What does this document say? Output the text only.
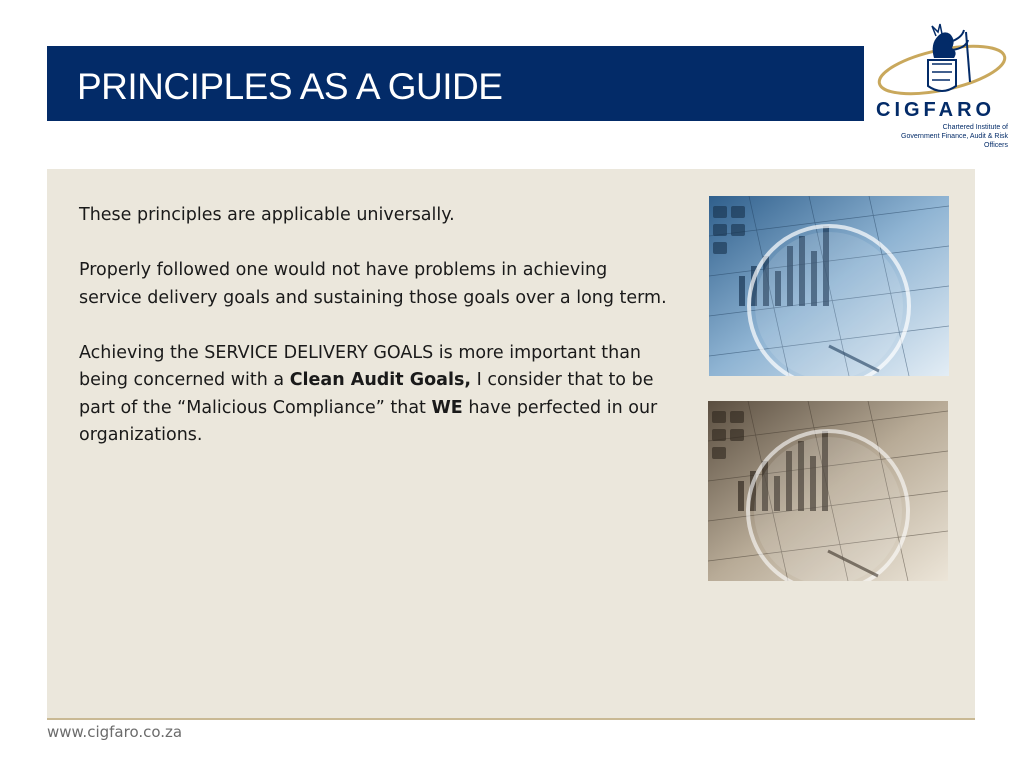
PRINCIPLES AS A GUIDE
CIGFARO
Chartered Institute of
Government Finance, Audit & Risk Officers

These principles are applicable universally.

Properly followed one would not have problems in achieving service delivery goals and sustaining those goals over a long term.

Achieving the SERVICE DELIVERY GOALS is more important than being concerned with a Clean Audit Goals, I consider that to be part of the “Malicious Compliance” that WE have perfected in our organizations.

www.cigfaro.co.za
